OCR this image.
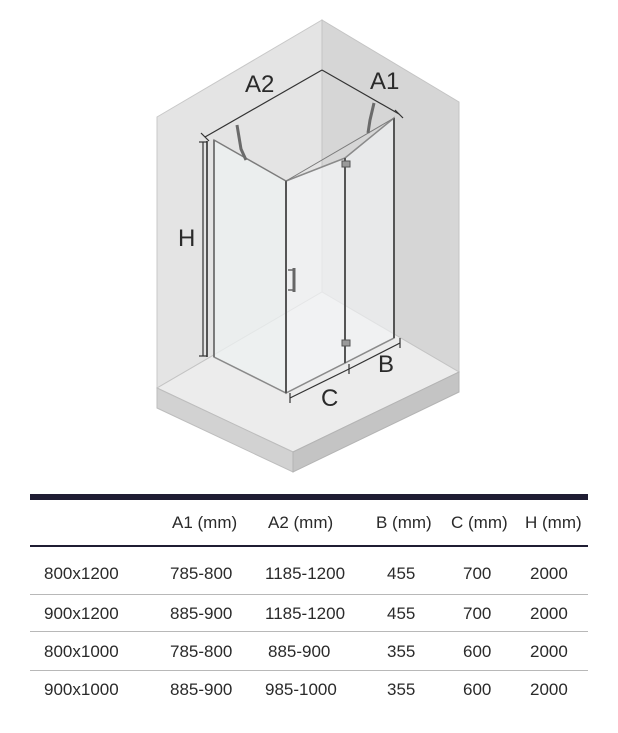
A2	A1
H
B
C
A1 (mm) A2 (mm)	B (mm) C (mm) H (mm)
800x1200	785-800 1185-1200 455	700 2000
900x1200	885-900 1185-1200 455	700 2000
800x1000	785-800 885-900	355	600 2000
900x1000	885-900 985-1000	355	600 2000
